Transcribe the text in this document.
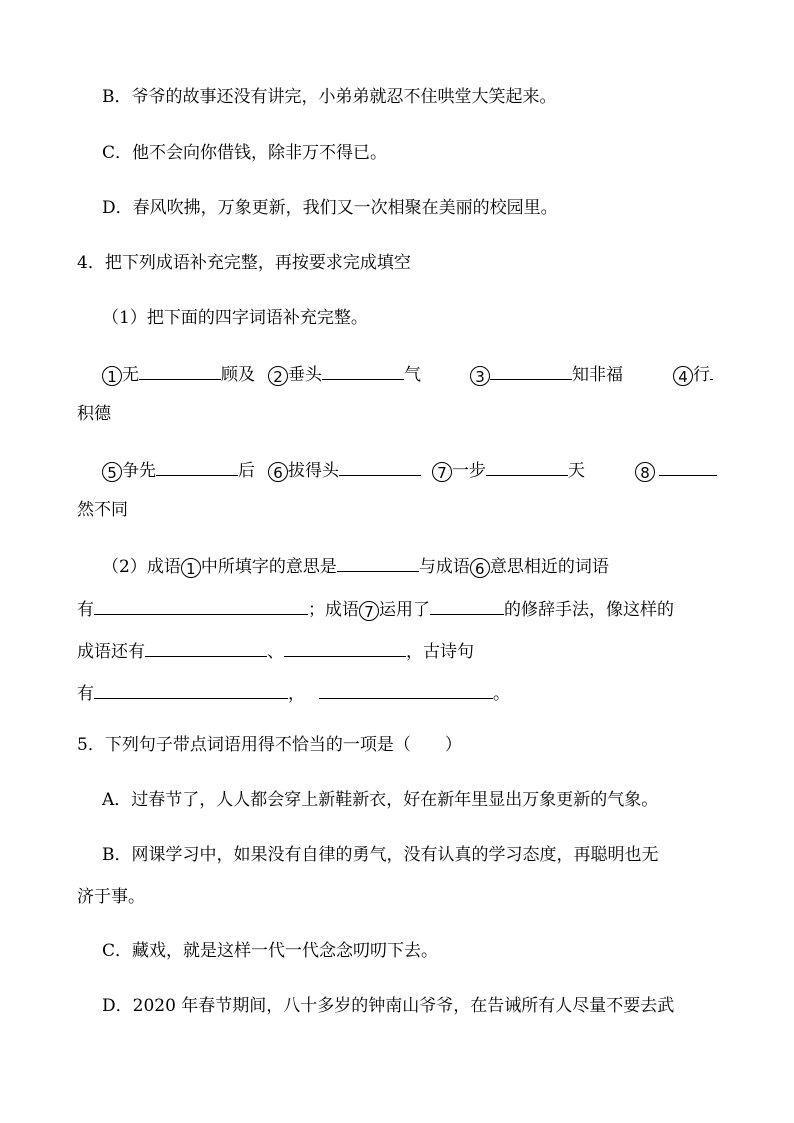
B．爷爷的故事还没有讲完，小弟弟就忍不住哄堂大笑起来。
C．他不会向你借钱，除非万不得已。
D．春风吹拂，万象更新，我们又一次相聚在美丽的校园里。
4．把下列成语补充完整，再按要求完成填空
（1）把下面的四字词语补充完整。
1 无	顾及	2 垂头	气	3	知非福	4 行
积德
5 争先	后	6 拔得头	7 一步	天	8
然不同
（2）成语 1 中所填字的意思是	与成语 6 意思相近的词语
有	；成语 7 运用了	的修辞手法，像这样的
成语还有	、	，古诗句
有	，	。
5．下列句子带点词语用得不恰当的一项是（　　）
A．过春节了，人人都会穿上新鞋新衣，好在新年里显出万象更新的气象。
B．网课学习中，如果没有自律的勇气，没有认真的学习态度，再聪明也无
济于事。
C．藏戏，就是这样一代一代念念叨叨下去。
D．2020 年春节期间，八十多岁的钟南山爷爷，在告诫所有人尽量不要去武
